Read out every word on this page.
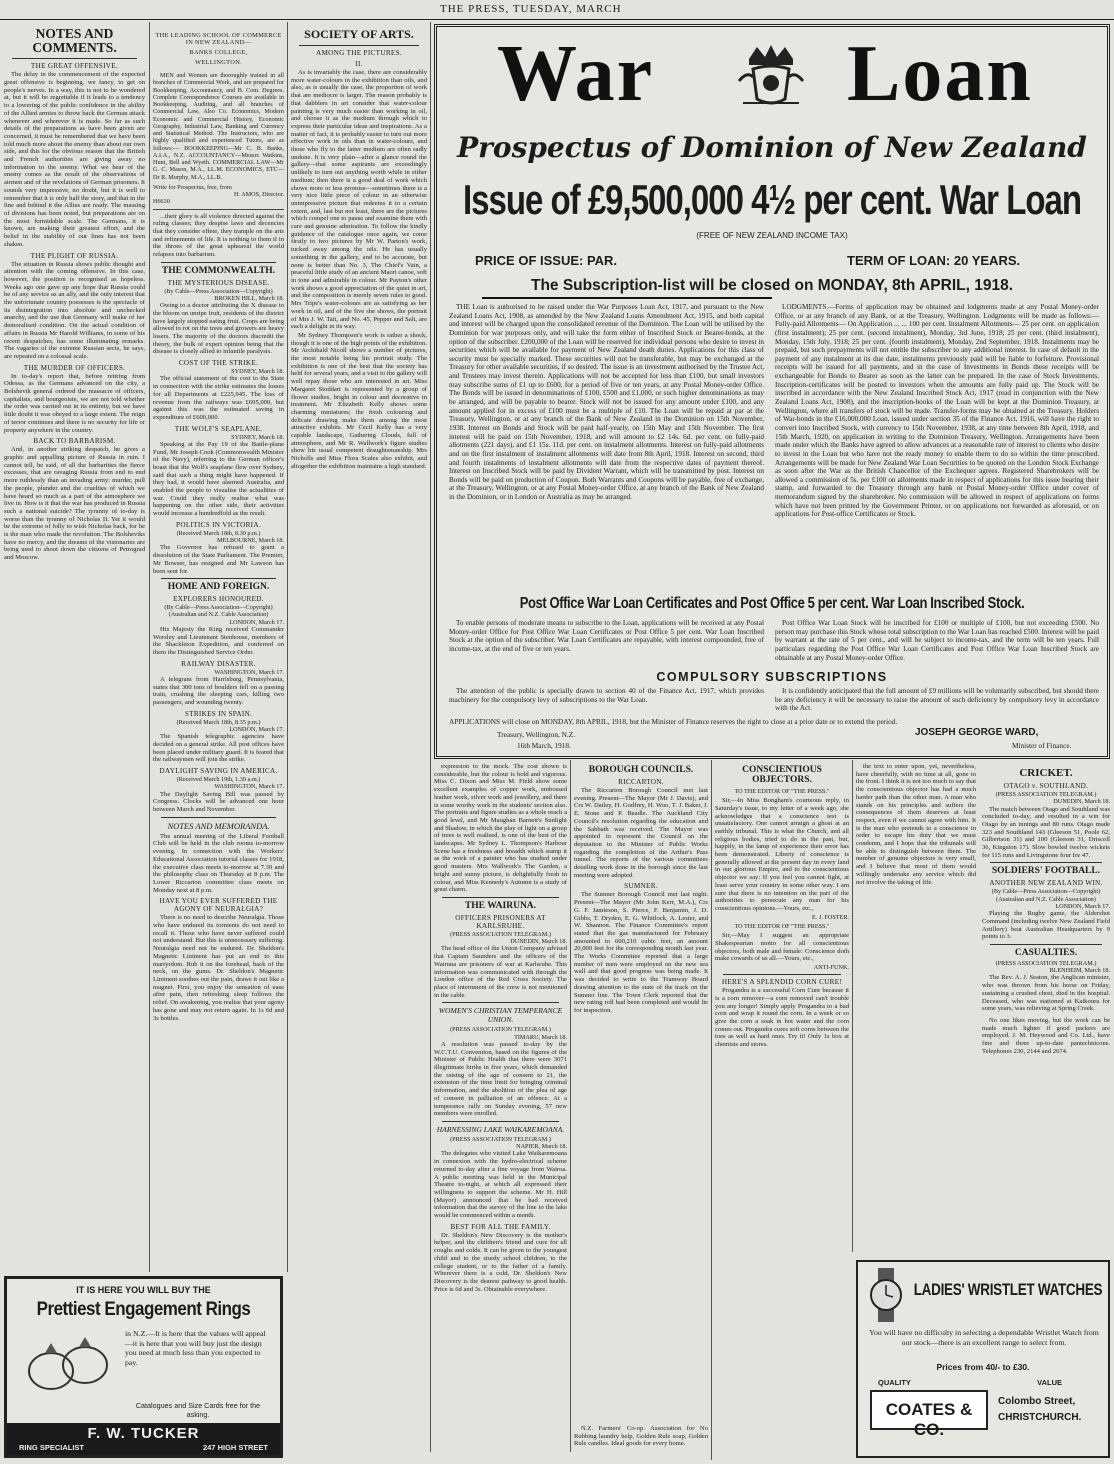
THE PRESS, TUESDAY, MARCH
NOTES AND COMMENTS.
THE GREAT OFFENSIVE.

The delay in the commencement of the expected great offensive is beginning, we fancy, to get on people's nerves. In a way, this is not to be wondered at, but it will be regrettable if it leads to a tendency to a lowering of the public confidence in the ability of the Allied armies to throw back the German attack whenever and wherever it is made. So far as such details of the preparations as have been given are concerned, it must be remembered that we have been told much more about the enemy than about our own side, and this for the obvious reason that the British and French authorities are giving away no information to the enemy. What we hear of the enemy comes as the result of the observations of airmen and of the revelations of German prisoners. It sounds very impressive, no doubt, but it is well to remember that it is only half the story, and that in the line and behind it the Allies are ready. The massing of divisions has been noted, but preparations are on the most formidable scale. The Germans, it is known, are making their greatest effort, and the belief in the stability of our lines has not been shaken.

THE PLIGHT OF RUSSIA.

The situation in Russia shows public thought and attention with the coming offensive. In this case, however, the position is recognised as hopeless. Weeks ago one gave up any hope that Russia could be of any service as an ally, and the only interest that the unfortunate country possesses is the spectacle of its disintegration into absolute and unchecked anarchy, and the use that Germany will make of her demoralised condition. On the actual condition of affairs in Russia Mr Harold Williams, in some of his recent despatches, has some illuminating remarks. The vagaries of the extreme Russian sects, he says, are repeated on a colossal scale.

THE MURDER OF OFFICERS.

In to-day's report that, before retiring from Odessa, as the Germans advanced on the city, a Bolshevik general ordered the massacre of officers, capitalists, and bourgeoisie, we are not told whether the order was carried out in its entirety, but we have little doubt it was obeyed to a large extent. The reign of terror continues and there is no security for life or property anywhere in the country.

BACK TO BARBARISM.

And, in another striking despatch, he gives a graphic and appalling picture of Russia in ruin. I cannot tell, he said, of all the barbarities the fierce excesses, that are ravaging Russia from end to end more ruthlessly than an invading army: murder, pull the people, plunder and the cruelties of which we have heard so much as a part of the atmosphere we live in. How is it that the war has produced in Russia such a national suicide? The tyranny of to-day is worse than the tyranny of Nicholas II. Yet it would be the extreme of folly to wish Nicholas back, for he is the man who made the revolution. The Bolsheviks have no mercy, and the dreams of the visionaries are being used to shoot down the citizens of Petrograd and Moscow.

THE LEADING SCHOOL OF COMMERCE IN NEW ZEALAND—
BANKS COLLEGE,
WELLINGTON.

MEN and Women are thoroughly trained in all branches of Commercial Work, and are prepared for Bookkeeping, Accountancy, and B. Com. Degrees. Complete Correspondence Courses are available in Bookkeeping, Auditing, and all branches of Commercial Law, Also Co. Economics, Modern Economic and Commercial History, Economic Geography, Industrial Law, Banking and Currency and Statistical Method. The Instructors, who are highly qualified and experienced Tutors, are as follows:— BOOKKEEPING—Mr C. B. Banks, A.I.A., N.Z. ACCOUNTANCY—Messrs Watkins, Hunt, Bell and Wyeth. COMMERCIAL LAW—Mr G. C. Mason, M.A., LL.M. ECONOMICS, ETC—Dr R. Murphy, M.A., LL.B.

Write for Prospectus, free, from
H. AMOS, Director.
H6630

...their glory is all violence directed against the ruling classes; they despise laws and decencies that they consider effete, they trample on the arts and refinements of life. It is nothing to them if in the throes of the great upheaval the world relapses into barbarism.

THE COMMONWEALTH.
THE MYSTERIOUS DISEASE.
(By Cable—Press Association—Copyright)
BROKEN HILL, March 18.

Owing to a doctor attributing the X disease to the bloom on unripe fruit, residents of the district have largely stopped eating fruit. Crops are being allowed to rot on the trees and growers are heavy losers. The majority of the doctors discredit the theory, the bulk of expert opinion being that the disease is closely allied to infantile paralysis.

COST OF THE STRIKE.
SYDNEY, March 18.

The official statement of the cost to the State in connection with the strike estimates the losses for all Departments at £225,945. The loss of revenue from the railways was £695,000, but against this was the estimated saving in expenditure of £600,000.

THE WOLF'S SEAPLANE.
SYDNEY, March 18.

Speaking at the Pay 19 of the Battle-plane Fund, Mr Joseph Cook (Commonwealth Minister of the Navy), referring to the German officer's boast that the Wolf's seaplane flew over Sydney, said that such a thing might have happened. If they had, it would have alarmed Australia, and enabled the people to visualise the actualities of war. Could they really realise what was happening on the other side, their activities would increase a hundredfold as the result.

POLITICS IN VICTORIA.
(Received March 18th, 8.30 p.m.)
MELBOURNE, March 18.

The Governor has refused to grant a dissolution of the State Parliament. The Premier, Mr Bowser, has resigned and Mr Lawson has been sent for.

HOME AND FOREIGN.
EXPLORERS HONOURED.
(By Cable—Press Association—Copyright) (Australian and N.Z. Cable Association)
LONDON, March 17.

His Majesty the King received Commander Worsley and Lieutenant Stenhouse, members of the Shackleton Expedition, and conferred on them the Distinguished Service Order.

RAILWAY DISASTER.
WASHINGTON, March 17.

A telegram from Harrisburg, Pennsylvania, states that 300 tons of boulders fell on a passing train, crushing the sleeping cars, killing two passengers, and wounding twenty.

STRIKES IN SPAIN.
(Received March 18th, 8.35 p.m.)
LONDON, March 17.

The Spanish telegraphic agencies have decided on a general strike. All post offices have been placed under military guard. It is feared that the railwaymen will join the strike.

DAYLIGHT SAVING IN AMERICA.
(Received March 19th, 1.30 a.m.)
WASHINGTON, March 17.

The Daylight Saving Bill was passed by Congress. Clocks will be advanced one hour between March and November.

NOTES AND MEMORANDA.

The annual meeting of the Liberal Football Club will be held in the club rooms to-morrow evening. In connection with the Workers' Educational Association tutorial classes for 1918, the executive class meets to-morrow at 7.30 and the philosophy class on Thursday at 8 p.m. The Lower Riccarton committee class meets on Monday next at 8 p.m.

HAVE YOU EVER SUFFERED THE AGONY OF NEURALGIA?

There is no need to describe Neuralgia. Those who have endured its torments do not need to recall it. Those who have never suffered could not understand. But this is unnecessary suffering. Neuralgia need not be endured. Dr. Sheldon's Magnetic Liniment has put an end to this martyrdom. Rub it on the forehead, back of the neck, on the gums. Dr. Sheldon's Magnetic Liniment soothes out the pain, draws it out like a magnet. First, you enjoy the sensation of ease after pain, then refreshing sleep follows the relief. On awakening, you realise that your agony has gone and may not return again. In 1s 6d and 3s bottles.

SOCIETY OF ARTS.
AMONG THE PICTURES.
II.

As is invariably the case, there are considerably more water-colours in the exhibition than oils, and also, as is usually the case, the proportion of work that are mediocre is larger. The reason probably is that dabblers in art consider that water-colour painting is very much easier than working in oil, and choose it as the medium through which to express their particular ideas and inspirations. As a matter of fact, it is probably easier to turn out more effective work in oils than in water-colours, and those who fly to the latter medium are often sadly undone. It is very plain—after a glance round the gallery—that some aspirants are exceedingly unlikely to turn out anything worth while in either medium; then there is a good deal of work which shows more or less promise—sometimes there is a very nice little piece of colour in an otherwise unimpressive picture that redeems it to a certain extent, and, last but not least, there are the pictures which compel one to pause and examine them with care and genuine admiration. To follow the kindly guidance of the catalogue once again, we come firstly to two pictures by Mr W. Parton's work, tucked away among the oils. He has usually something in the gallery, and to be accurate, but none is better than No. 3, The Chief's Vain, a peaceful little study of an ancient Maori canoe, soft in tone and admirable in colour. Mr Payton's other work shows a good appreciation of the quiet in art, and the composition is merely seven rules to good. Mrs Tripe's water-colours are as satisfying as her work in oil, and of the five she shows, the portrait of Mrs J. W. Tait, and No. 45, Pepper and Salt, are each a delight in its way.

Mr Sydney Thompson's work is rather a shock, though it is one of the high points of the exhibition. Mr Archibald Nicoll shows a number of pictures, the most notable being his portrait study. The exhibition is one of the best that the society has held for several years, and a visit to the gallery will well repay those who are interested in art. Miss Margaret Stoddart is represented by a group of flower studies, bright in colour and decorative in treatment. Mr Elizabeth Kelly shows some charming miniatures; the fresh colouring and delicate drawing make them among the most attractive exhibits. Mr Cecil Kelly has a very capable landscape, Gathering Clouds, full of atmosphere, and Mr R. Wallwork's figure studies show his usual competent draughtsmanship. Mrs Nicholls and Miss Flora Scales also exhibit, and altogether the exhibition maintains a high standard.

War Loan
Prospectus of Dominion of New Zealand
Issue of £9,500,000 4½ per cent. War Loan
(FREE OF NEW ZEALAND INCOME TAX)
PRICE OF ISSUE: PAR.	TERM OF LOAN: 20 YEARS.
The Subscription-list will be closed on MONDAY, 8th APRIL, 1918.

THE Loan is authorised to be raised under the War Purposes Loan Act, 1917, and pursuant to the New Zealand Loans Act, 1908, as amended by the New Zealand Loans Amendment Act, 1915, and both capital and interest will be charged upon the consolidated revenue of the Dominion. The Loan will be utilised by the Dominion for war purposes only, and will take the form either of Inscribed Stock or Bearer-bonds, at the option of the subscriber. £200,000 of the Loan will be reserved for individual persons who desire to invest in securities which will be available for payment of New Zealand death duties. Applications for this class of security must be specially marked. These securities will not be transferable, but may be exchanged at the Treasury for other available securities, if so desired. The issue is an investment authorised by the Trustee Act, and Trustees may invest therein. Applications will not be accepted for less than £100, but small investors may subscribe sums of £1 up to £600, for a period of five or ten years, at any Postal Money-order Office. The Bonds will be issued in denominations of £100, £500 and £1,000, or such higher denominations as may be arranged, and will be payable to bearer. Stock will not be issued for any amount under £100, and any amount applied for in excess of £100 must be a multiple of £10. The Loan will be repaid at par at the Treasury, Wellington, or at any branch of the Bank of New Zealand in the Dominion on 15th November, 1938. Interest on Bonds and Stock will be paid half-yearly, on 15th May and 15th November. The first interest will be paid on 15th November, 1918, and will amount to £2 14s. 6d. per cent. on fully-paid allotments (221 days), and £1 15s. 11d. per cent. on instalment allotments. Interest on fully-paid allotments and on the first instalment of instalment allotments will date from 8th April, 1918. Interest on second, third and fourth instalments of instalment allotments will date from the respective dates of payment thereof. Interest on Inscribed Stock will be paid by Divident Warrant, which will be transmitted by post. Interest on Bonds will be paid on production of Coupon. Both Warrants and Coupons will be payable, free of exchange, at the Treasury, Wellington, or at any Postal Money-order Office, at any branch of the Bank of New Zealand in the Dominion, or in London or Australia as may be arranged.

LODGMENTS.—Forms of application may be obtained and lodgments made at any Postal Money-order Office, or at any branch of any Bank, or at the Treasury, Wellington. Lodgments will be made as follows:— Fully-paid Allotments— On Application ... ... 100 per cent. Instalment Allotments— 25 per cent. on application (first instalment); 25 per cent. (second instalment), Monday, 3rd June, 1918; 25 per cent. (third instalment), Monday, 15th July, 1918; 25 per cent. (fourth instalment), Monday, 2nd September, 1918. Instalments may be prepaid, but such prepayments will not entitle the subscriber to any additional interest. In case of default in the payment of any instalment at its due date, instalments previously paid will be liable to forfeiture. Provisional receipts will be issued for all payments, and in the case of Investments in Bonds these receipts will be exchangeable for Bonds to Bearer as soon as the latter can be prepared. In the case of Stock Investments, Inscription-certificates will be posted to investors when the amounts are fully paid up. The Stock will be inscribed in accordance with the New Zealand Inscribed Stock Act, 1917 (read in conjunction with the New Zealand Loans Act, 1908), and the inscription-books of the Loan will be kept at the Dominion Treasury, at Wellington, where all transfers of stock will be made. Transfer-forms may be obtained at the Treasury. Holders of War-bonds in the £16,000,000 Loan, issued under section 35 of the Finance Act, 1916, will have the right to convert into Inscribed Stock, with currency to 15th November, 1938, at any time between 8th April, 1918, and 15th March, 1920, on application in writing to the Dominion Treasury, Wellington. Arrangements have been made under which the Banks have agreed to allow advances at a reasonable rate of interest to clients who desire to invest in the Loan but who have not the ready money to enable them to do so within the time prescribed. Arrangements will be made for New Zealand War Loan Securities to be quoted on the London Stock Exchange as soon after the War as the British Chancellor of the Exchequer agrees. Registered Sharebrokers will be allowed a commission of 5s. per £100 on allotments made in respect of applications for this issue bearing their stamp, and forwarded to the Treasury through any bank or Postal Money-order Office under cover of memorandum signed by the sharebroker. No commission will be allowed in respect of applications on forms which have not been printed by the Government Printer, or on applications not forwarded as aforesaid, or on applications for Post-office Certificates or Stock.

Post Office War Loan Certificates and Post Office 5 per cent. War Loan Inscribed Stock.

To enable persons of moderate means to subscribe to the Loan, applications will be received at any Postal Money-order Office for Post Office War Loan Certificates or Post Office 5 per cent. War Loan Inscribed Stock at the option of the subscriber. War Loan Certificates are repayable, with interest compounded, free of income-tax, at the end of five or ten years.

Post Office War Loan Stock will be inscribed for £100 or multiple of £100, but not exceeding £500. No person may purchase this Stock whose total subscription to the War Loan has reached £500. Interest will be paid by warrant at the rate of 5 per cent., and will be subject to income-tax, and the term will be ten years. Full particulars regarding the Post Office War Loan Certificates and Post Office War Loan Inscribed Stock are obtainable at any Postal Money-order Office.

COMPULSORY SUBSCRIPTIONS

The attention of the public is specially drawn to section 40 of the Finance Act, 1917, which provides machinery for the compulsory levy of subscriptions to the War Loan.

It is confidently anticipated that the full amount of £9 millions will be voluntarily subscribed, but should there be any deficiency it will be necessary to raise the amount of such deficiency by compulsory levy in accordance with the Act.

APPLICATIONS will close on MONDAY, 8th APRIL, 1918, but the Minister of Finance reserves the right to close at a prior date or to extend the period.
Treasury, Wellington, N.Z.
16th March, 1918.
JOSEPH GEORGE WARD,
Minister of Finance.

expression to the mock. The cost shown is considerable, but the colour is bold and vigorous. Miss C. Dixon and Miss M. Field show some excellent examples of copper work, embossed leather work, silver work and jewellery, and there is some worthy work in the students' section also. The portraits and figure studies as a whole reach a good level, and Mr Maughan Barnett's Sunlight and Shadow, in which the play of light on a group of trees is well realised, is one of the best of the landscapes. Mr Sydney L. Thompson's Harbour Scene has a freshness and breadth which stamp it as the work of a painter who has studied under good masters. Mrs Wallwork's The Garden, a bright and sunny picture, is delightfully fresh in colour, and Miss Kennedy's Autumn is a study of great charm.

THE WAIRUNA.
OFFICERS PRISONERS AT KARLSRUHE.
(PRESS ASSOCIATION TELEGRAM.)
DUNEDIN, March 18.

The head office of the Union Company advised that Captain Saunders and the officers of the Wairuna are prisoners of war at Karlsruhe. This information was communicated with through the London office of the Red Cross Society. The place of internment of the crew is not mentioned in the cable.

WOMEN'S CHRISTIAN TEMPERANCE UNION.
(PRESS ASSOCIATION TELEGRAM.)
TIMARU, March 18.

A resolution was passed to-day by the W.C.T.U. Convention, based on the figures of the Minister of Public Health that there were 3071 illegitimate births in five years, which demanded the raising of the age of consent to 21, the extension of the time limit for bringing criminal information, and the abolition of the plea of age of consent in palliation of an offence. At a temperance rally on Sunday evening, 57 new members were enrolled.

HARNESSING LAKE WAIKAREMOANA.
(PRESS ASSOCIATION TELEGRAM.)
NAPIER, March 18.

The delegates who visited Lake Waikaremoana in connexion with the hydro-electrical scheme returned to-day after a fine voyage from Wairoa. A public meeting was held in the Municipal Theatre to-night, at which all expressed their willingness to support the scheme. Mr H. Hill (Mayor) announced that he had received information that the survey of the line to the lake would be commenced within a month.

BEST FOR ALL THE FAMILY.

Dr. Sheldon's New Discovery is the mother's helper, and the children's friend and cure for all coughs and colds. It can be given to the youngest child and to the sturdy school children, to the college student, or to the father of a family. Wherever there is a cold, Dr. Sheldon's New Discovery is the dearest pathway to good health. Price is 6d and 3s. Obtainable everywhere.

BOROUGH COUNCILS.
RICCARTON.

The Riccarton Borough Council met last evening. Present—The Mayor (Mr J. Davis), and Crs W. Dailey, H. Godfrey, H. Woo, T. J. Baker, J. E. Stone and P. Beadle. The Auckland City Council's resolution regarding the education and the Sabbath was received. The Mayor was appointed to represent the Council on the deputation to the Minister of Public Works regarding the completion of the Arthur's Pass tunnel. The reports of the various committees detailing work done in the borough since the last meeting were adopted.

SUMNER.

The Sumner Borough Council met last night. Present—The Mayor (Mr John Kerr, M.A.), Crs G. F. Jamieson, S. Pierce, F. Benjamin, J. D. Gibbs, T. Dryden, E. G. Whitlock, A. Lester, and W. Shannon. The Finance Committee's report stated that the gas manufactured for February amounted to 600,210 cubic feet, an amount 20,000 feet for the corresponding month last year. The Works Committee reported that a large number of men were employed on the new sea wall and that good progress was being made. It was decided to write to the Tramway Board drawing attention to the state of the track on the Sumner line. The Town Clerk reported that the new rating roll had been completed and would lie for inspection.

N.Z. Farmers' Co-op. Association for No Rubbing laundry help, Golden Rule soap, Golden Rule candles. Ideal goods for every home.

CONSCIENTIOUS OBJECTORS.
TO THE EDITOR OF "THE PRESS."

Sir,—In Miss Bongham's courteous reply, in Saturday's issue, to my letter of a week ago, she acknowledges that a conscience test is unsatisfactory. One cannot arraign a ghost at an earthly tribunal. This is what the Church, and all religious bodies, tried to do in the past, but, happily, in the lamp of experience their error has been demonstrated. Liberty of conscience is generally allowed at the present day in every land in our glorious Empire, and to the conscientious objector we say: If you feel you cannot fight, at least serve your country in some other way. I am sure that there is no intention on the part of the authorities to persecute any man for his conscientious opinions.—Yours, etc.,

E. J. FOSTER.
TO THE EDITOR OF "THE PRESS."

Sir,—May I suggest an appropriate Shakespearian motto for all conscientious objectors, both male and female: Conscience doth make cowards of us all.—Yours, etc.,

ANTI-FUNK.
HERE'S A SPLENDID CORN CURE!

Progandra is a successful Corn Cure because it is a corn remover—a corn removed can't trouble you any longer! Simply apply Progandra to a bad corn and wrap it round the corn. In a week or so give the corn a soak in hot water and the corn comes out. Progandra cures soft corns between the toes as well as hard ones. Try it! Only 1s box at chemists and stores.

the text to enter upon, yet, nevertheless, have cheerfully, with no time at all, gone to the front. I think it is not too much to say that the conscientious objector has had a much harder path than the other man. A man who stands on his principles and suffers the consequences of them deserves at least respect, even if we cannot agree with him. It is the man who pretends to a conscience in order to escape his duty that we must condemn, and I hope that the tribunals will be able to distinguish between them. The number of genuine objectors is very small, and I believe that most of them would willingly undertake any service which did not involve the taking of life.

CRICKET.
OTAGO v. SOUTHLAND.
(PRESS ASSOCIATION TELEGRAM.)
DUNEDIN, March 18.

The match between Otago and Southland was concluded to-day, and resulted in a win for Otago by an innings and 80 runs. Otago made 323 and Southland 143 (Gleeson 51, Poole 62, Gilbertson 31) and 100 (Gleeson 31, Driscoll 36, Kingston 17). Slow bowled twelve wickets for 115 runs and Livingstone four for 47.

SOLDIERS' FOOTBALL.
ANOTHER NEW ZEALAND WIN.
(By Cable—Press Association—Copyright) (Australian and N.Z. Cable Association)
LONDON, March 17.

Playing the Rugby game, the Aldershot Command (including twelve New Zealand Field Artillery) beat Australian Headquarters by 9 points to 3.

CASUALTIES.
(PRESS ASSOCIATION TELEGRAM.)
BLENHEIM, March 18.

The Rev. A. J. Seaton, the Anglican minister, who was thrown from his horse on Friday, sustaining a crushed chest, died in the hospital. Deceased, who was stationed at Kaikoura for some years, was relieving at Spring Creek.

No one likes moving, but the work can be made much lighter if good packers are employed. J. M. Heywood and Co. Ltd., have fine and three up-to-date pantechnicons. Telephones 230, 2144 and 2674.

IT IS HERE YOU WILL BUY THE
Prettiest Engagement Rings
in N.Z.—It is here that the values will appeal—it is here that you will buy just the design you need at much less than you expected to pay.
Catalogues and Size Cards free for the asking.
F. W. TUCKER
RING SPECIALIST	247 HIGH STREET
LADIES' WRISTLET WATCHES
You will have no difficulty in selecting a dependable Wristlet Watch from our stock—there is an excellent range to select from.
Prices from 40/- to £30.
QUALITY	VALUE
COATES & CO.
Colombo Street,
CHRISTCHURCH.
